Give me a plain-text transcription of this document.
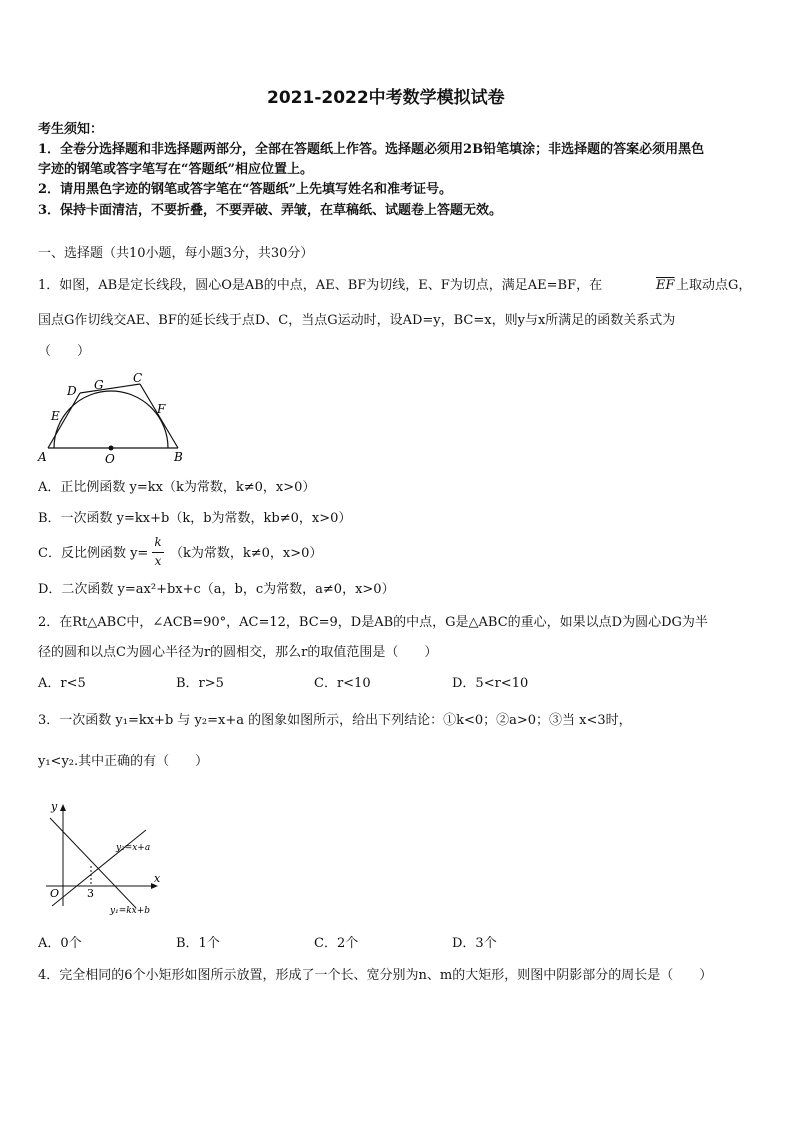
2021-2022中考数学模拟试卷
考生须知：
1．全卷分选择题和非选择题两部分，全部在答题纸上作答。选择题必须用2B铅笔填涂；非选择题的答案必须用黑色
字迹的钢笔或答字笔写在“答题纸”相应位置上。
2．请用黑色字迹的钢笔或答字笔在“答题纸”上先填写姓名和准考证号。
3．保持卡面清洁，不要折叠，不要弄破、弄皱，在草稿纸、试题卷上答题无效。
一、选择题（共10小题，每小题3分，共30分）
1．如图，AB是定长线段，圆心O是AB的中点，AE、BF为切线，E、F为切点，满足AE=BF，在	$\overline{EF}$ 上取动点G，
国点G作切线交AE、BF的延长线于点D、C，当点G运动时，设AD=y，BC=x，则y与x所满足的函数关系式为
（　　）
A	B
O
C
D
E	F
G
A．正比例函数 y=kx（k为常数，k≠0，x>0）
B．一次函数 y=kx+b（k，b为常数，kb≠0，x>0）
C．反比例函数 y=
k
x （k为常数，k≠0，x>0）
D．二次函数 y=ax²+bx+c（a，b，c为常数，a≠0，x>0）
2．在Rt△ABC中，∠ACB=90°，AC=12，BC=9，D是AB的中点，G是△ABC的重心，如果以点D为圆心DG为半
径的圆和以点C为圆心半径为r的圆相交，那么r的取值范围是（　　）
A．r<5	B．r>5	C．r<10	D．5<r<10
3．一次函数 y₁=kx+b 与 y₂=x+a 的图象如图所示，给出下列结论：①k<0；②a>0；③当 x<3时，
y₁<y₂.其中正确的有（　　）
y
x
O	3
y₂=x+a
y₁=kx+b
A．0个	B．1个	C．2个	D．3个
4．完全相同的6个小矩形如图所示放置，形成了一个长、宽分别为n、m的大矩形，则图中阴影部分的周长是（　　）
